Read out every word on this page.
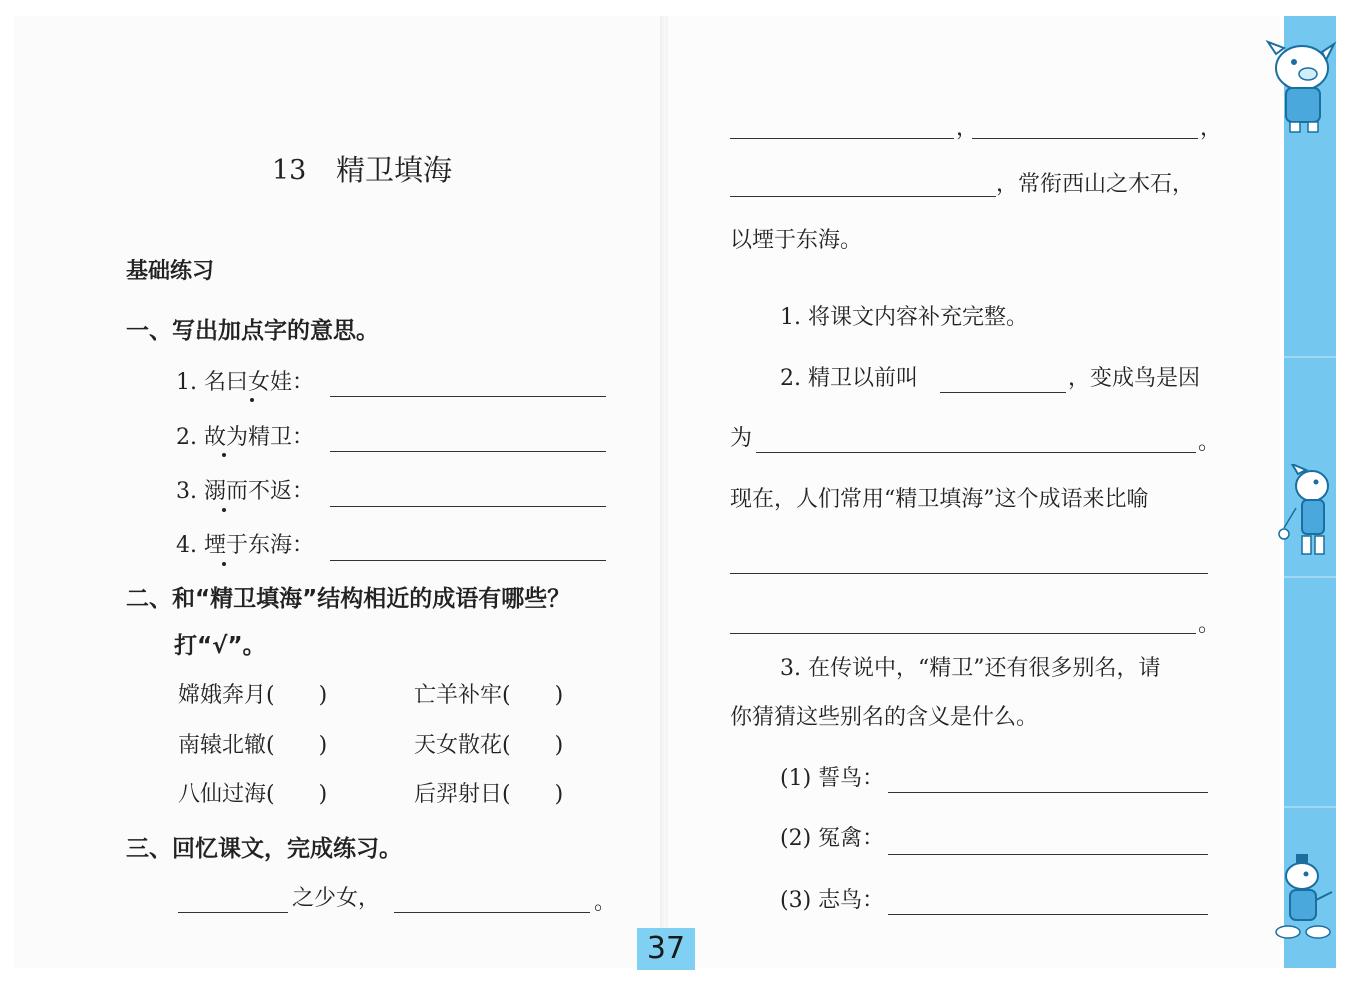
13 精卫填海
基础练习
一、写出加点字的意思。
1. 名曰女娃：
2. 故为精卫：
3. 溺而不返：
4. 堙于东海：
二、和“精卫填海”结构相近的成语有哪些？
打“√”。
嫦娥奔月(　　)	亡羊补牢(　　)
南辕北辙(　　)	天女散花(　　)
八仙过海(　　)	后羿射日(　　)
三、回忆课文，完成练习。
之少女，	。
，	，
，常衔西山之木石，
以堙于东海。
1. 将课文内容补充完整。
2. 精卫以前叫	，变成鸟是因
为	。
现在，人们常用“精卫填海”这个成语来比喻
。
3. 在传说中，“精卫”还有很多别名，请
你猜猜这些别名的含义是什么。
(1) 誓鸟：
(2) 冤禽：
(3) 志鸟：
37
